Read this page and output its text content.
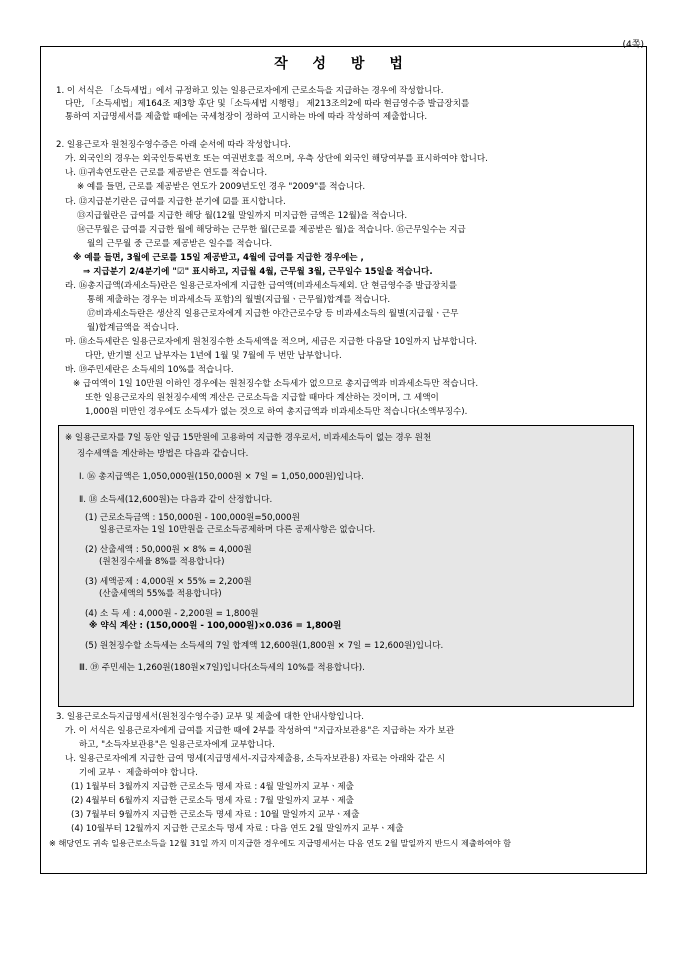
(4쪽)
작 성 방 법
1. 이 서식은 「소득세법」에서 규정하고 있는 일용근로자에게 근로소득을 지급하는 경우에 작성합니다.
다만, 「소득세법」제164조 제3항 후단 및「소득세법 시행령」 제213조의2에 따라 현금영수증 발급장치를
통하여 지급명세서를 제출할 때에는 국세청장이 정하여 고시하는 바에 따라 작성하여 제출합니다.
2. 일용근로자 원천징수영수증은 아래 순서에 따라 작성합니다.
가. 외국인의 경우는 외국인등록번호 또는 여권번호를 적으며, 우측 상단에 외국인 해당여부를 표시하여야 합니다.
나. ⑪귀속연도란은 근로를 제공받은 연도를 적습니다.
※ 예를 들면, 근로를 제공받은 연도가 2009년도인 경우 "2009"를 적습니다.
다. ⑫지급분기란은 급여를 지급한 분기에 ☑를 표시합니다.
⑬지급월란은 급여를 지급한 해당 월(12월 말일까지 미지급한 금액은 12월)을 적습니다.
⑭근무월은 급여를 지급한 월에 해당하는 근무한 월(근로를 제공받은 월)을 적습니다. ⑮근무일수는 지급
월의 근무월 중 근로를 제공받은 일수를 적습니다.
※ 예를 들면, 3월에 근로를 15일 제공받고, 4월에 급여를 지급한 경우에는 ,
⇒ 지급분기 2/4분기에 "☑" 표시하고, 지급월 4월, 근무월 3월, 근무일수 15일을 적습니다.
라. ⑯총지급액(과세소득)란은 일용근로자에게 지급한 급여액(비과세소득제외. 단 현금영수증 발급장치를
통해 제출하는 경우는 비과세소득 포함)의 월별(지급월ㆍ근무월)합계를 적습니다.
⑰비과세소득란은 생산직 일용근로자에게 지급한 야간근로수당 등 비과세소득의 월별(지급월ㆍ근무
월)합계금액을 적습니다.
마. ⑱소득세란은 일용근로자에게 원천징수한 소득세액을 적으며, 세금은 지급한 다음달 10일까지 납부합니다.
다만, 반기별 신고 납부자는 1년에 1월 및 7월에 두 번만 납부합니다.
바. ⑲주민세란은 소득세의 10%를 적습니다.
※ 급여액이 1일 10만원 이하인 경우에는 원천징수할 소득세가 없으므로 총지급액과 비과세소득만 적습니다.
또한 일용근로자의 원천징수세액 계산은 근로소득을 지급할 때마다 계산하는 것이며, 그 세액이
1,000원 미만인 경우에도 소득세가 없는 것으로 하여 총지급액과 비과세소득만 적습니다(소액부징수).
※ 일용근로자를 7일 동안 일급 15만원에 고용하여 지급한 경우로서, 비과세소득이 없는 경우 원천
징수세액을 계산하는 방법은 다음과 같습니다.
Ⅰ. ⑯ 총지급액은 1,050,000원(150,000원 × 7일 = 1,050,000원)입니다.
Ⅱ. ⑱ 소득세(12,600원)는 다음과 같이 산정합니다.
(1) 근로소득금액 : 150,000원 - 100,000원=50,000원
일용근로자는 1일 10만원을 근로소득공제하며 다른 공제사항은 없습니다.
(2) 산출세액 : 50,000원 × 8% = 4,000원
(원천징수세율 8%를 적용합니다)
(3) 세액공제 : 4,000원 × 55% = 2,200원
(산출세액의 55%를 적용합니다)
(4) 소 득 세 : 4,000원 - 2,200원 = 1,800원
※ 약식 계산 : (150,000원 - 100,000원)×0.036 = 1,800원
(5) 원천징수할 소득세는 소득세의 7일 합계액 12,600원(1,800원 × 7일 = 12,600원)입니다.
Ⅲ. ⑲ 주민세는 1,260원(180원×7일)입니다(소득세의 10%를 적용합니다).
3. 일용근로소득지급명세서(원천징수영수증) 교부 및 제출에 대한 안내사항입니다.
가. 이 서식은 일용근로자에게 급여를 지급한 때에 2부를 작성하여 "지급자보관용"은 지급하는 자가 보관
하고, "소득자보관용"은 일용근로자에게 교부합니다.
나. 일용근로자에게 지급한 급여 명세(지급명세서-지급자제출용, 소득자보관용) 자료는 아래와 같은 시
기에 교부ㆍ 제출하여야 합니다.
(1) 1월부터 3월까지 지급한 근로소득 명세 자료 : 4월 말일까지 교부ㆍ제출
(2) 4월부터 6월까지 지급한 근로소득 명세 자료 : 7월 말일까지 교부ㆍ제출
(3) 7월부터 9월까지 지급한 근로소득 명세 자료 : 10월 말일까지 교부ㆍ제출
(4) 10월부터 12월까지 지급한 근로소득 명세 자료 : 다음 연도 2월 말일까지 교부ㆍ제출
※ 해당연도 귀속 일용근로소득을 12월 31일 까지 미지급한 경우에도 지급명세서는 다음 연도 2월 말일까지 반드시 제출하여야 함
